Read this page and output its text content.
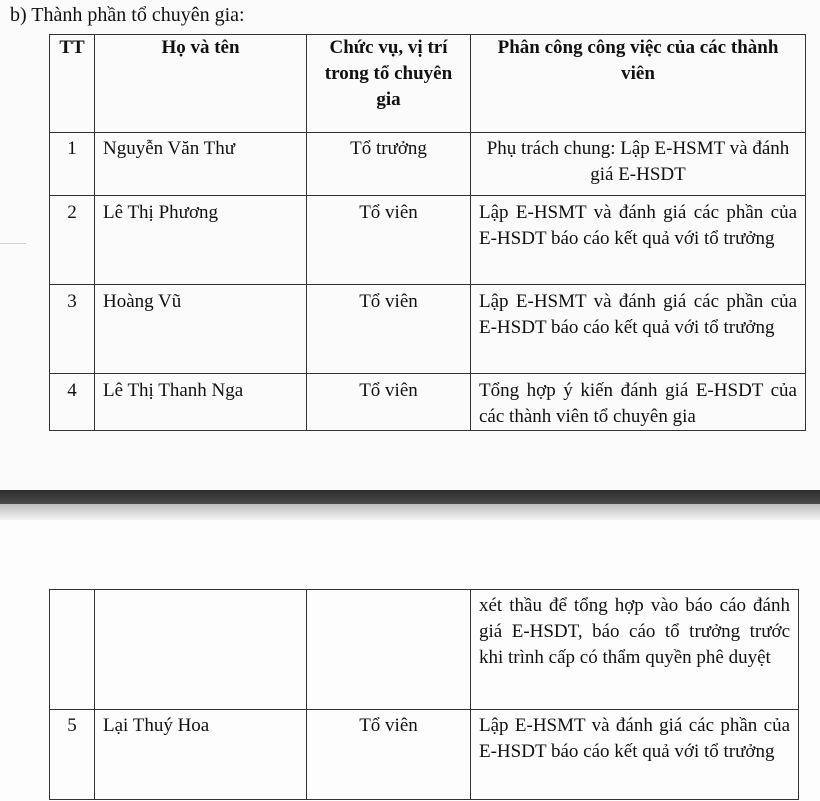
b) Thành phần tổ chuyên gia:
TT	Họ và tên	Chức vụ, vị trí trong tổ chuyên gia	Phân công công việc của các thành viên
1	Nguyễn Văn Thư	Tổ trưởng	Phụ trách chung: Lập E-HSMT và đánh giá E-HSDT
2	Lê Thị Phương	Tổ viên	Lập E-HSMT và đánh giá các phần của E-HSDT báo cáo kết quả với tổ trưởng
3	Hoàng Vũ	Tổ viên	Lập E-HSMT và đánh giá các phần của E-HSDT báo cáo kết quả với tổ trưởng
4	Lê Thị Thanh Nga	Tổ viên	Tổng hợp ý kiến đánh giá E-HSDT của các thành viên tổ chuyên gia
			xét thầu để tổng hợp vào báo cáo đánh giá E-HSDT, báo cáo tổ trưởng trước khi trình cấp có thẩm quyền phê duyệt
5	Lại Thuý Hoa	Tổ viên	Lập E-HSMT và đánh giá các phần của E-HSDT báo cáo kết quả với tổ trưởng
